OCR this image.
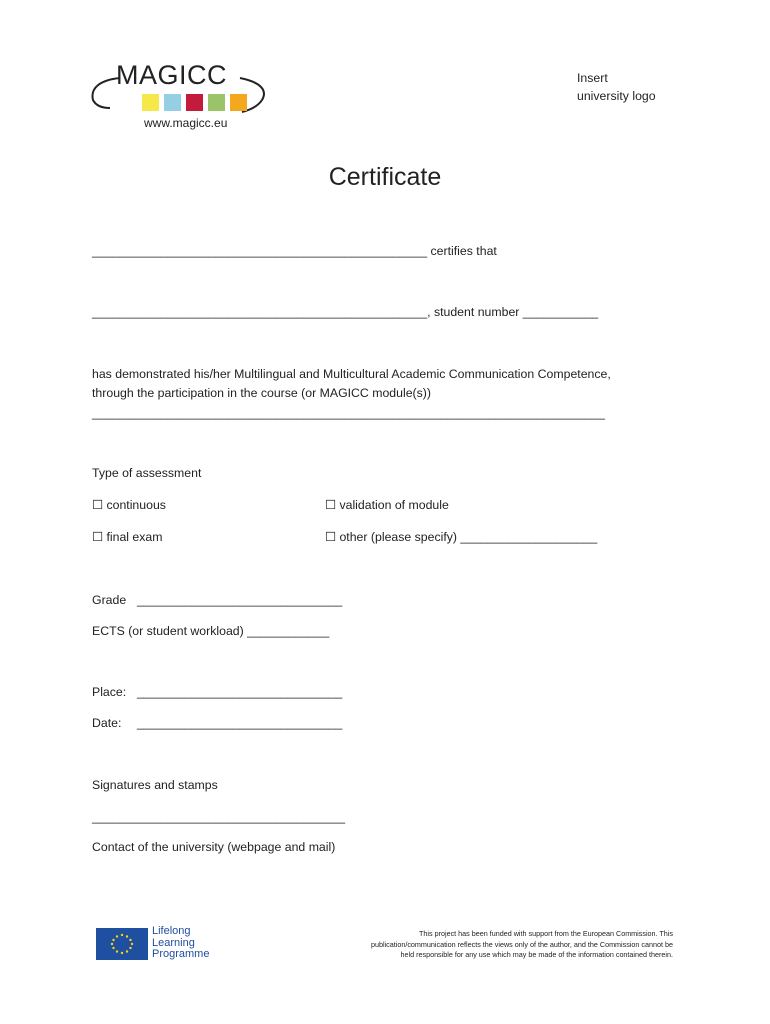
MAGICC
www.magicc.eu
Insert
university logo
Certificate
_________________________________________________ certifies that
_________________________________________________, student number ___________
has demonstrated his/her Multilingual and Multicultural Academic Communication Competence,
through the participation in the course (or MAGICC module(s))
___________________________________________________________________________
Type of assessment
☐ continuous	☐ validation of module
☐ final exam	☐ other (please specify) ____________________
Grade ______________________________
ECTS (or student workload) ____________
Place: ______________________________
Date: ______________________________
Signatures and stamps
_____________________________________
Contact of the university (webpage and mail)
Lifelong
Learning
Programme
This project has been funded with support from the European Commission. This
publication/communication reflects the views only of the author, and the Commission cannot be
held responsible for any use which may be made of the information contained therein.
